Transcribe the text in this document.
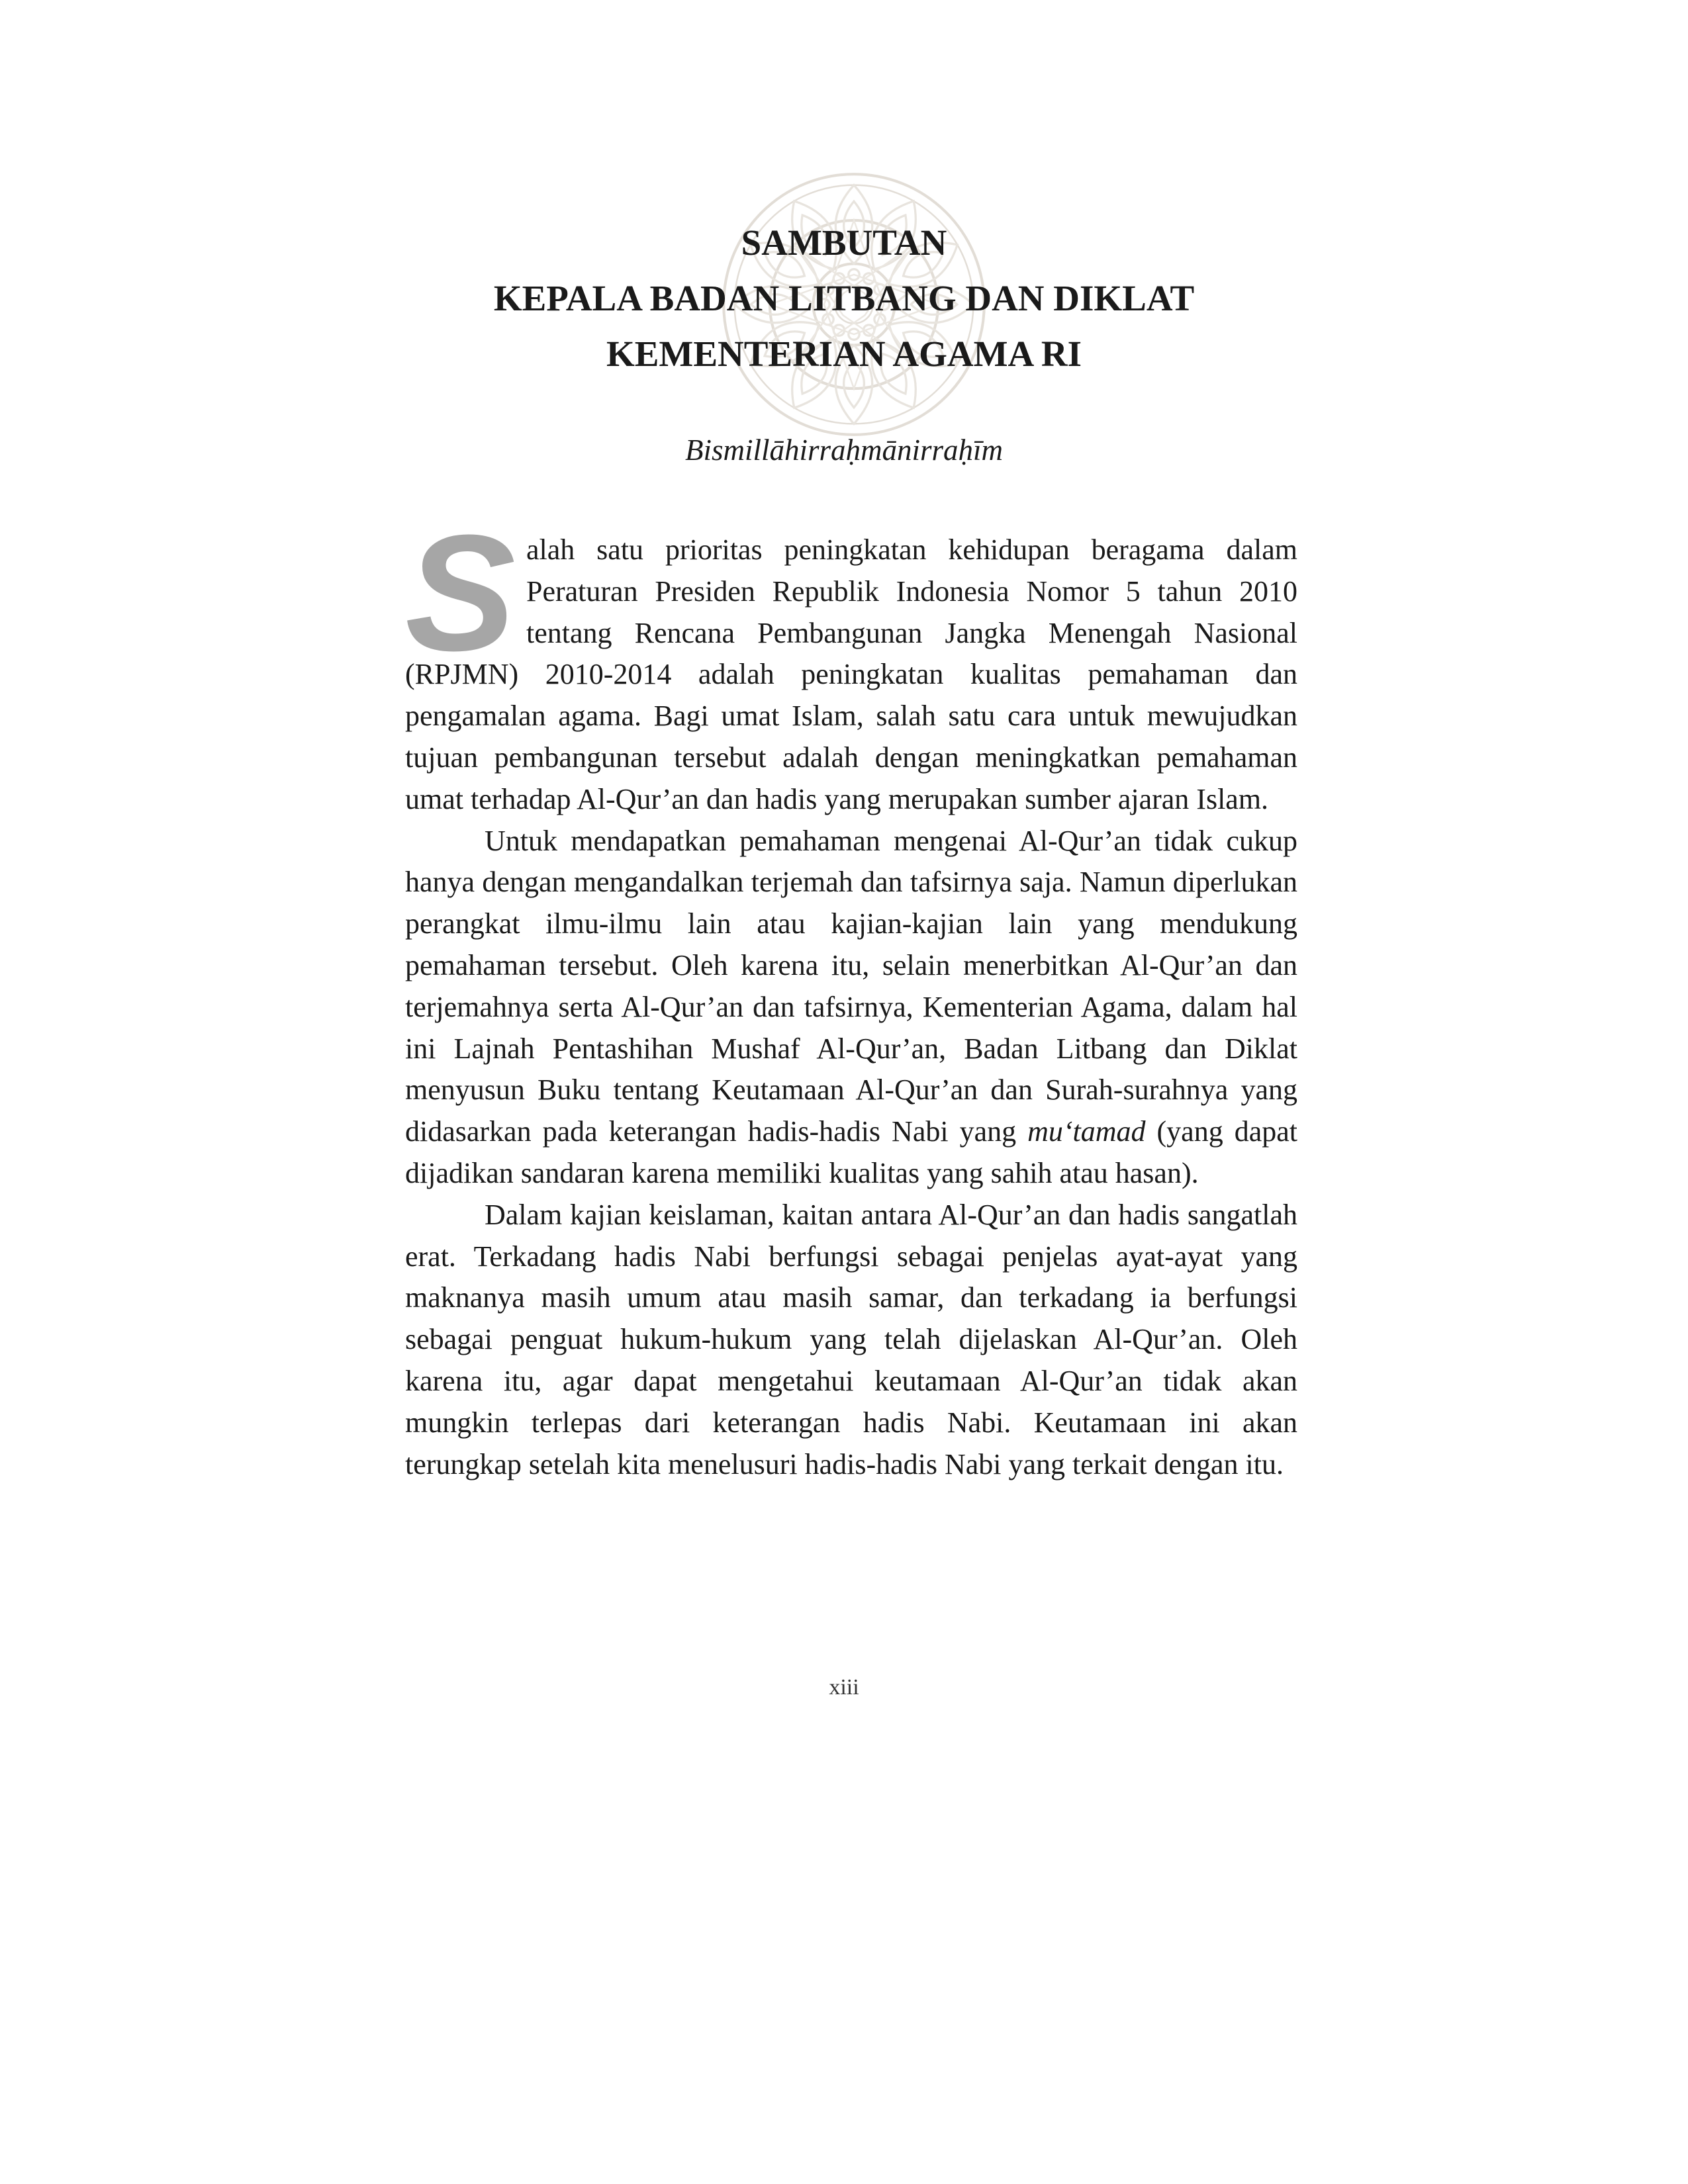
SAMBUTAN
KEPALA BADAN LITBANG DAN DIKLAT
KEMENTERIAN AGAMA RI
Bismillāhirraḥmānirraḥīm

Salah satu prioritas peningkatan kehidupan beragama dalam Peraturan Presiden Republik Indonesia Nomor 5 tahun 2010 tentang Rencana Pembangunan Jangka Menengah Nasional (RPJMN) 2010-2014 adalah peningkatan kualitas pemahaman dan pengamalan agama. Bagi umat Islam, salah satu cara untuk mewujudkan tujuan pembangunan tersebut adalah dengan meningkatkan pemahaman umat terhadap Al-Qur’an dan hadis yang merupakan sumber ajaran Islam.

Untuk mendapatkan pemahaman mengenai Al-Qur’an tidak cukup hanya dengan mengandalkan terjemah dan tafsirnya saja. Namun diperlukan perangkat ilmu-ilmu lain atau kajian-kajian lain yang mendukung pemahaman tersebut. Oleh karena itu, selain menerbitkan Al-Qur’an dan terjemahnya serta Al-Qur’an dan tafsirnya, Kementerian Agama, dalam hal ini Lajnah Pentashihan Mushaf Al-Qur’an, Badan Litbang dan Diklat menyusun Buku tentang Keutamaan Al-Qur’an dan Surah-surahnya yang didasarkan pada keterangan hadis-hadis Nabi yang mu‘tamad (yang dapat dijadikan sandaran karena memiliki kualitas yang sahih atau hasan).

Dalam kajian keislaman, kaitan antara Al-Qur’an dan hadis sangatlah erat. Terkadang hadis Nabi berfungsi sebagai penjelas ayat-ayat yang maknanya masih umum atau masih samar, dan terkadang ia berfungsi sebagai penguat hukum-hukum yang telah dijelaskan Al-Qur’an. Oleh karena itu, agar dapat mengetahui keutamaan Al-Qur’an tidak akan mungkin terlepas dari keterangan hadis Nabi. Keutamaan ini akan terungkap setelah kita menelusuri hadis-hadis Nabi yang terkait dengan itu.

xiii
